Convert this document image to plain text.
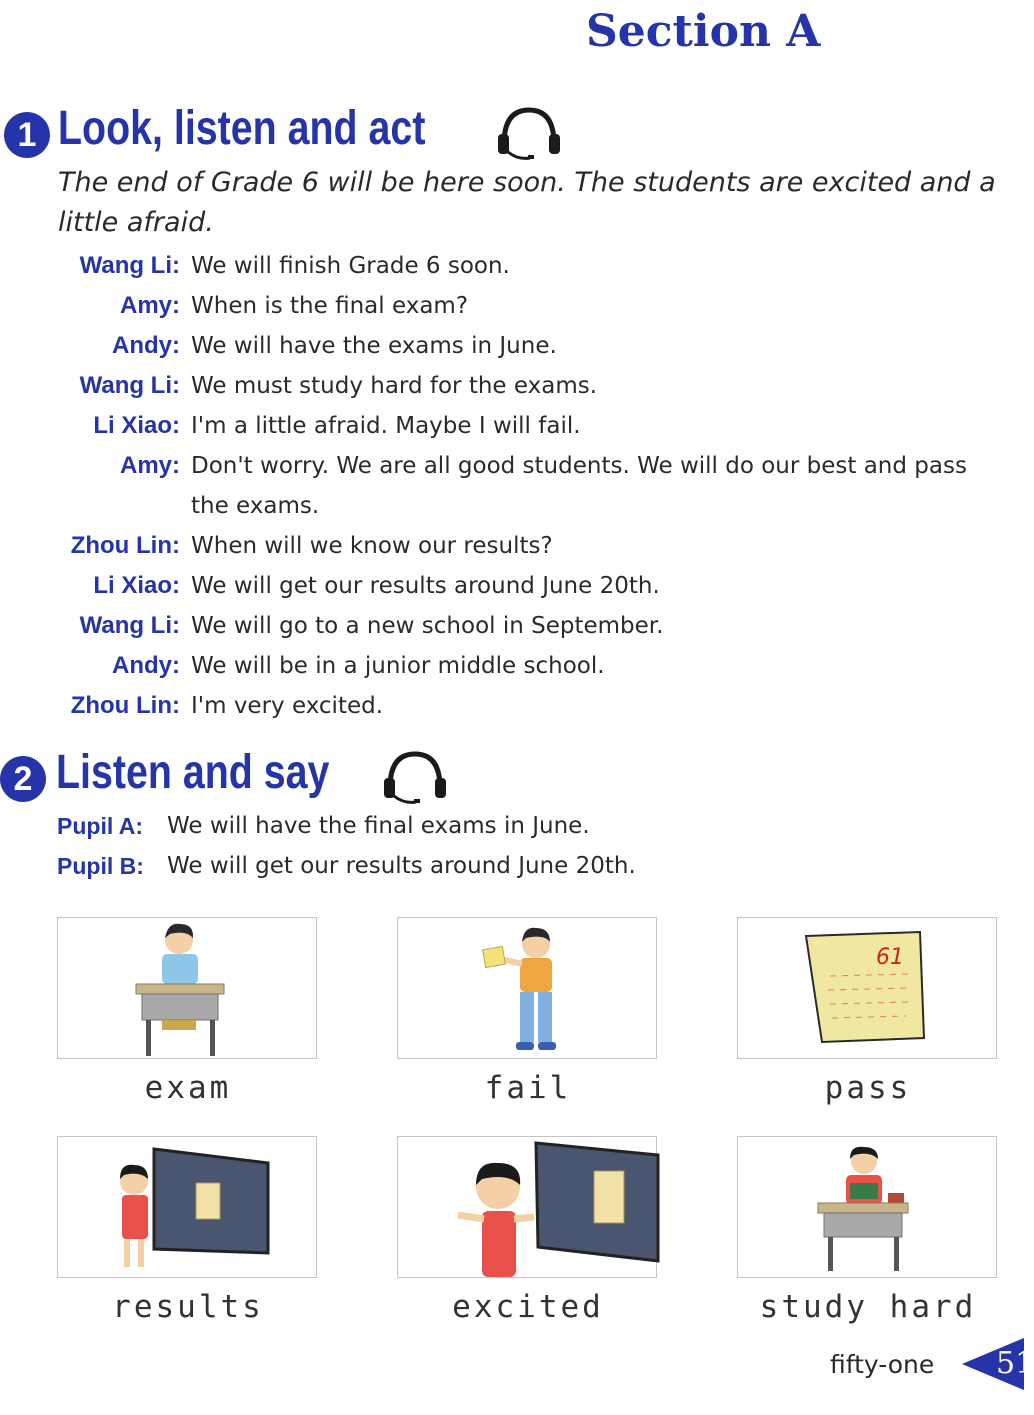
Section A
1 Look, listen and act
The end of Grade 6 will be here soon. The students are excited and a little afraid.
Wang Li: We will finish Grade 6 soon.
Amy: When is the final exam?
Andy: We will have the exams in June.
Wang Li: We must study hard for the exams.
Li Xiao: I'm a little afraid. Maybe I will fail.
Amy: Don't worry. We are all good students. We will do our best and pass the exams.
Zhou Lin: When will we know our results?
Li Xiao: We will get our results around June 20th.
Wang Li: We will go to a new school in September.
Andy: We will be in a junior middle school.
Zhou Lin: I'm very excited.
2 Listen and say
Pupil A: We will have the final exams in June.
Pupil B: We will get our results around June 20th.
exam	fail
61
pass
results	excited	study hard
fifty-one 51
